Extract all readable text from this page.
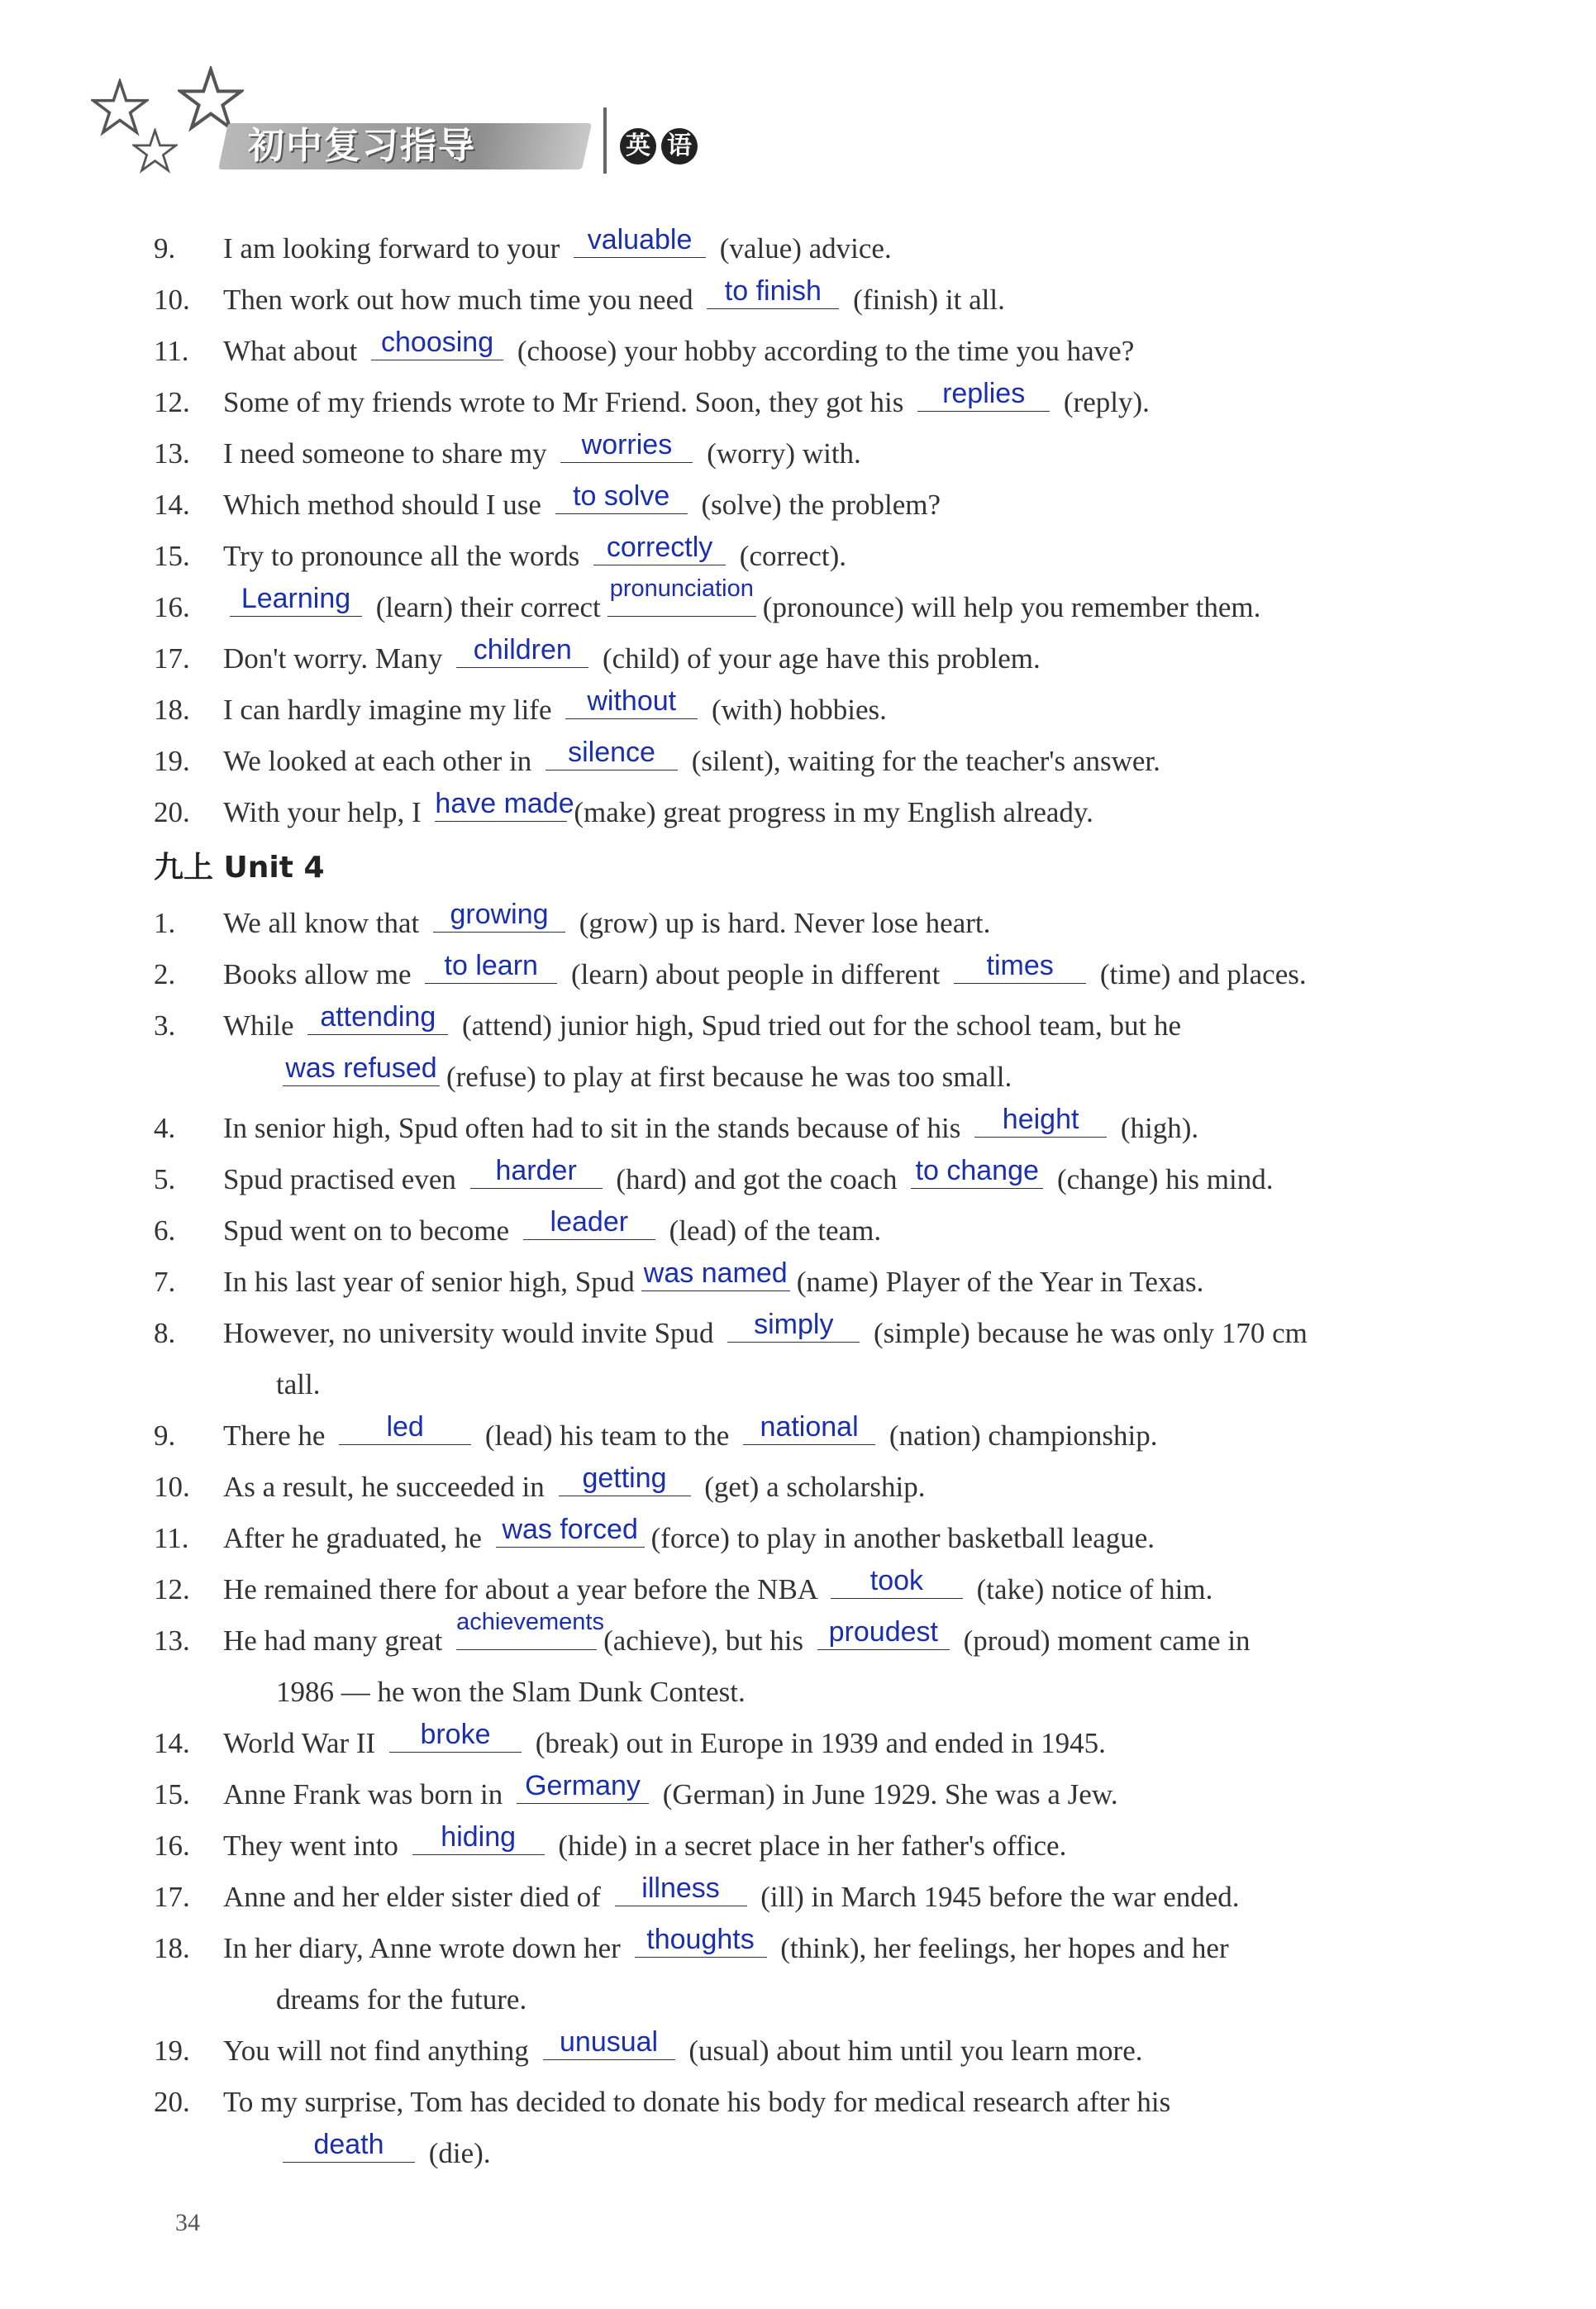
初中复习指导	英 语
9. I am looking forward to your valuable (value) advice.
10. Then work out how much time you need to finish (finish) it all.
11. What about choosing (choose) your hobby according to the time you have?
12. Some of my friends wrote to Mr Friend. Soon, they got his	replies	(reply).
13. I need someone to share my worries (worry) with.
14. Which method should I use to solve (solve) the problem?
15. Try to pronounce all the words correctly (correct).
16.	Learning (learn) their correct
pronunciation
(pronounce) will help you remember them.
17. Don't worry. Many children (child) of your age have this problem.
18. I can hardly imagine my life	without (with) hobbies.
19. We looked at each other in	silence	(silent), waiting for the teacher's answer.
20. With your help, I have made (make) great progress in my English already.
九上 Unit 4
1. We all know that growing (grow) up is hard. Never lose heart.
2. Books allow me to learn (learn) about people in different	times	(time) and places.
3. While attending (attend) junior high, Spud tried out for the school team, but he
was refused (refuse) to play at first because he was too small.
4. In senior high, Spud often had to sit in the stands because of his	height	(high).
5. Spud practised even	harder	(hard) and got the coach to change (change) his mind.
6. Spud went on to become	leader	(lead) of the team.
7. In his last year of senior high, Spud was named (name) Player of the Year in Texas.
8. However, no university would invite Spud	simply	(simple) because he was only 170 cm
tall.
9. There he	led	(lead) his team to the national (nation) championship.
10. As a result, he succeeded in	getting	(get) a scholarship.
11. After he graduated, he was forced (force) to play in another basketball league.
12. He remained there for about a year before the NBA	took	(take) notice of him.
13. He had many great
achievements
(achieve), but his proudest (proud) moment came in
1986 — he won the Slam Dunk Contest.
14. World War II	broke	(break) out in Europe in 1939 and ended in 1945.
15. Anne Frank was born in Germany (German) in June 1929. She was a Jew.
16. They went into	hiding	(hide) in a secret place in her father's office.
17. Anne and her elder sister died of	illness	(ill) in March 1945 before the war ended.
18. In her diary, Anne wrote down her thoughts (think), her feelings, her hopes and her
dreams for the future.
19. You will not find anything unusual (usual) about him until you learn more.
20. To my surprise, Tom has decided to donate his body for medical research after his
death	(die).
34
